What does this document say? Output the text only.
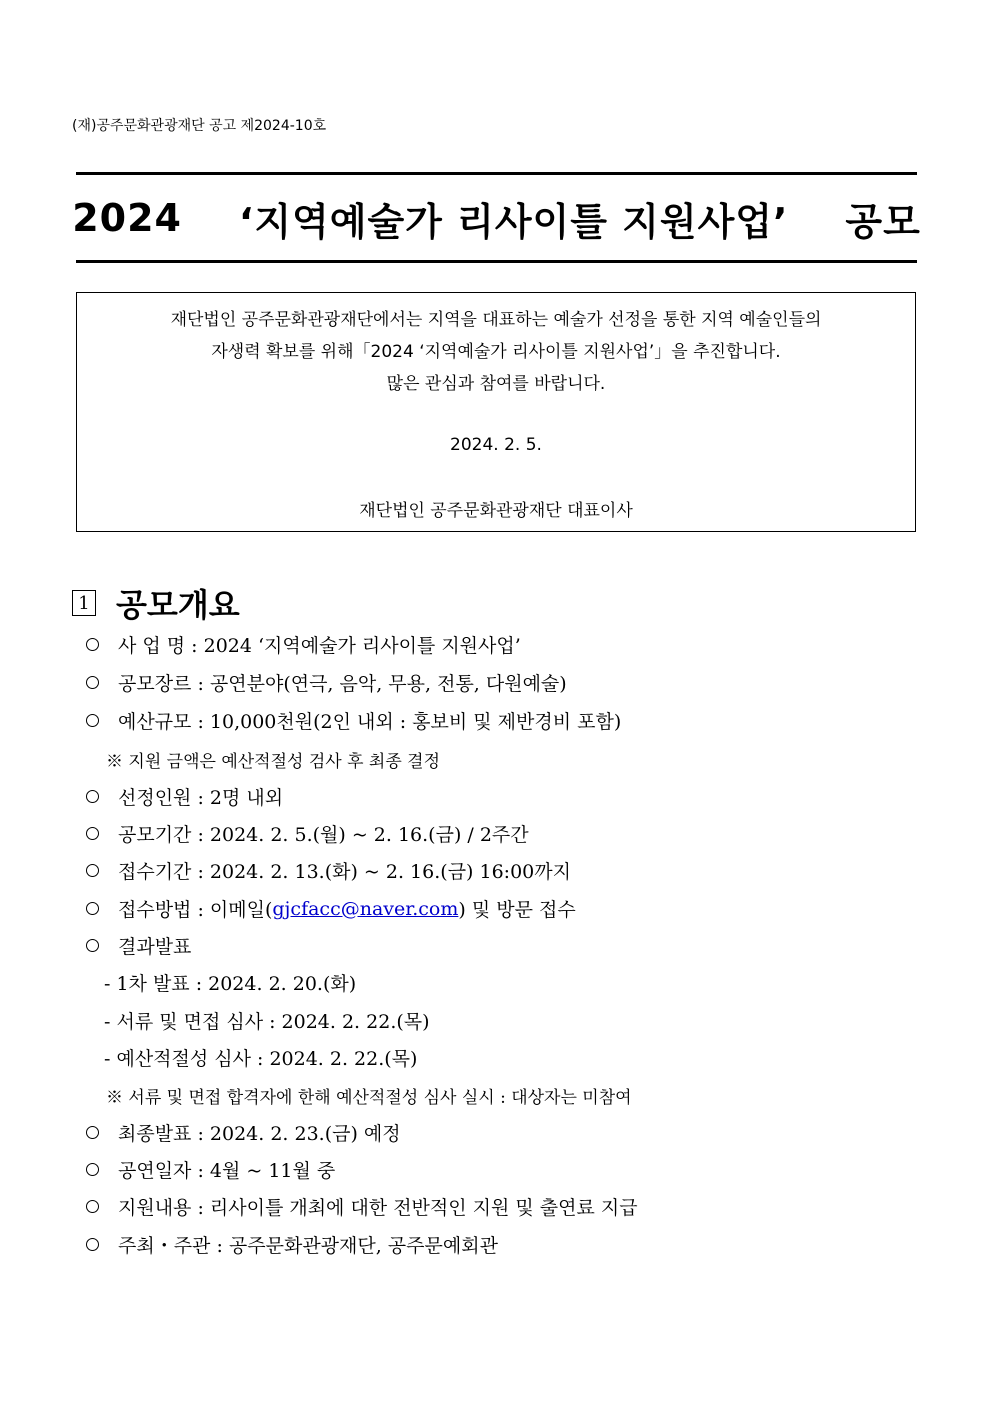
(재)공주문화관광재단 공고 제2024-10호
2024
‘지역예술가 리사이틀 지원사업’
공모
재단법인 공주문화관광재단에서는 지역을 대표하는 예술가 선정을 통한 지역 예술인들의
자생력 확보를 위해「2024 ‘지역예술가 리사이틀 지원사업’」을 추진합니다.
많은 관심과 참여를 바랍니다.
2024. 2. 5.
재단법인 공주문화관광재단 대표이사
1 공모개요
사 업 명 : 2024 ‘지역예술가 리사이틀 지원사업’
공모장르 : 공연분야(연극, 음악, 무용, 전통, 다원예술)
예산규모 : 10,000천원(2인 내외 : 홍보비 및 제반경비 포함)
※ 지원 금액은 예산적절성 검사 후 최종 결정
선정인원 : 2명 내외
공모기간 : 2024. 2. 5.(월) ~ 2. 16.(금) / 2주간
접수기간 : 2024. 2. 13.(화) ~ 2. 16.(금) 16:00까지
접수방법 : 이메일( gjcfacc@naver.com ) 및 방문 접수
결과발표
- 1차 발표 : 2024. 2. 20.(화)
- 서류 및 면접 심사 : 2024. 2. 22.(목)
- 예산적절성 심사 : 2024. 2. 22.(목)
※ 서류 및 면접 합격자에 한해 예산적절성 심사 실시 : 대상자는 미참여
최종발표 : 2024. 2. 23.(금) 예정
공연일자 : 4월 ~ 11월 중
지원내용 : 리사이틀 개최에 대한 전반적인 지원 및 출연료 지급
주최・주관 : 공주문화관광재단, 공주문예회관
